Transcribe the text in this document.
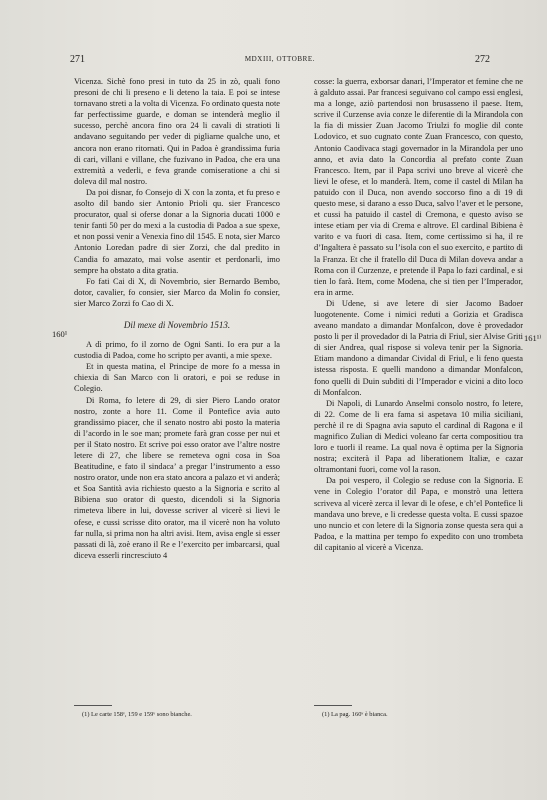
271	MDXIII, OTTOBRE.	272
160¹	161¹⁾

Vicenza. Sichè fono presi in tuto da 25 in zò, quali fono presoni de chi li preseno e li deteno la taia. E poi se intese tornavano streti a la volta di Vicenza. Fo ordinato questa note far perfectissime guarde, e doman se intenderà meglio il sucesso, perchè ancora fino ora 24 li cavali di stratioti li andavano seguitando per veder di pigliarne qualche uno, et ancora non erano ritornati. Qui in Padoa è grandissima furia di cari, villani e villane, che fuzivano in Padoa, che era una extremità a vederli, e feva grande comiseratione a chi si doleva dil mal nostro.

Da poi disnar, fo Consejo di X con la zonta, et fu preso e asolto dil bando sier Antonio Prioli qu. sier Francesco procurator, qual si oferse donar a la Signoria ducati 1000 e tenir fanti 50 per do mexi a la custodia di Padoa a sue spexe, et non possi venir a Venexia fino dil 1545. E nota, sier Marco Antonio Loredan padre di sier Zorzi, che dal predito in Candia fo amazato, mai volse asentir et perdonarli, imo sempre ha obstato a dita gratia.

Fo fati Cai di X, di Novembrio, sier Bernardo Bembo, dotor, cavalier, fo consier, sier Marco da Molin fo consier, sier Marco Zorzi fo Cao di X.

Dil mexe di Novembrio 1513.

A dì primo, fo il zorno de Ogni Santi. Io era pur a la custodia di Padoa, come ho scripto per avanti, a mie spexe.

Et in questa matina, el Principe de more fo a messa in chiexia di San Marco con li oratori, e poi se reduse in Colegio.

Di Roma, fo letere di 29, di sier Piero Lando orator nostro, zonte a hore 11. Come il Pontefice avia auto grandissimo piacer, che il senato nostro abi posto la materia di l’acordo in le soe man; promete farà gran cosse per nui et per il Stato nostro. Et scrive poi esso orator ave l’altre nostre letere di 27, che libere se remeteva ogni cosa in Soa Beatitudine, e fato il sindaca’ a pregar l’instrumento a esso nostro orator, unde non era stato ancora a palazo et vi anderà; et Soa Santità avia richiesto questo a la Signoria e scrito al Bibiena suo orator di questo, dicendoli si la Signoria rimeteva libere in lui, dovesse scriver al vicerè si lievi le ofese, e cussi scrisse dito orator, ma il vicerè non ha voluto far nulla, si prima non ha altri avisi. Item, avisa engle si esser passati di là, zoè erano il Re e l’exercito per imbarcarsi, qual diceva esserli rincresciuto 4

cosse: la guerra, exborsar danari, l’Imperator et femine che ne à galduto assai. Par francesi seguivano col campo essi englesi, ma a longe, aziò partendosi non brusasseno il paese. Item, scrive il Curzense avia conze le diferentie di la Mirandola con la fia di missier Zuan Jacomo Triulzi fo moglie dil conte Lodovico, et suo cugnato conte Zuan Francesco, con questo, Antonio Caodivaca stagi governador in la Mirandola per uno anno, et avia dato la Concordia al prefato conte Zuan Francesco. Item, par il Papa scrivi uno breve al vicerè che lievi le ofese, et lo manderà. Item, come il castel di Milan ha patuido con il Duca, non avendo soccorso fino a di 19 di questo mese, si darano a esso Duca, salvo l’aver et le persone, et cussi ha patuido il castel di Cremona, e questo aviso se intese etiam per via di Crema e altrove. El cardinal Bibiena è varito e va fuori di casa. Item, come certissimo si ha, il re d’Ingaltera è passato su l’isola con el suo exercito, e partito di la Franza. Et che il fratello dil Duca di Milan doveva andar a Roma con il Curzenze, e pretende il Papa lo fazi cardinal, e si tien lo farà. Item, come Modena, che si tien per l’Imperador, era in arme.

Di Udene, si ave letere di sier Jacomo Badoer luogotenente. Come i nimici reduti a Gorizia et Gradisca aveano mandato a dimandar Monfalcon, dove è provedador posto li per il provedador di la Patria di Friul, sier Alvise Griti di sier Andrea, qual rispose si voleva tenir per la Signoria. Etiam mandono a dimandar Cividal di Friul, e li feno questa istessa risposta. E quelli mandono a dimandar Monfalcon, fono quelli di Duin subditi di l’Imperador e vicini a dito loco di Monfalcon.

Di Napoli, di Lunardo Anselmi consolo nostro, fo letere, di 22. Come de li era fama si aspetava 10 milia siciliani, perchè il re di Spagna avia saputo el cardinal di Ragona e il magnifico Zulian di Medici voleano far certa compositiou tra loro e tuorli il reame. La qual nova è optima per la Signoria nostra; exciterà il Papa ad liberationem Italiæ, e cazar oltramontani fuori, come vol la rason.

Da poi vespero, il Colegio se reduse con la Signoria. E vene in Colegio l’orator dil Papa, e monstrò una lettera scriveva al vicerè zerca il levar di le ofese, e ch’el Pontefice li mandava uno breve, e li credesse questa volta. E cussi spazoe uno nuncio et con letere di la Signoria zonse questa sera qui a Padoa, e la mattina per tempo fo expedito con uno trombeta dil capitanio al vicerè a Vicenza.

(1) Le carte 158ᵛ, 159 e 159ᵛ sono bianche.	(1) La pag. 160ᵛ è bianca.
